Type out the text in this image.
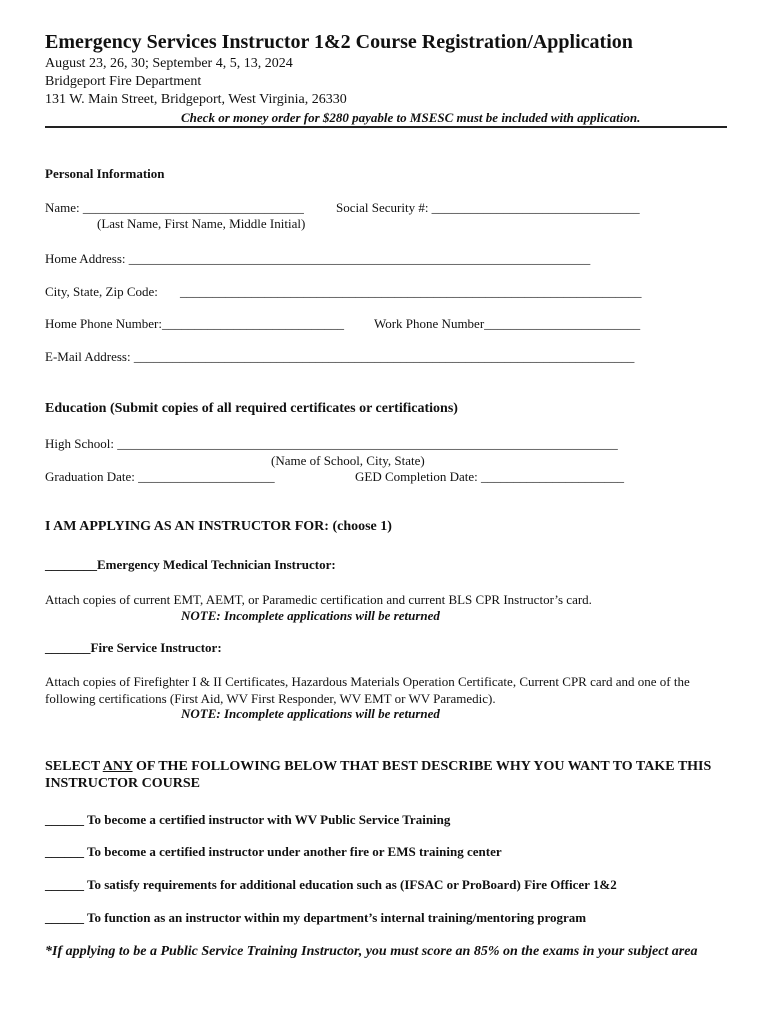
Emergency Services Instructor 1&2 Course Registration/Application
August 23, 26, 30; September 4, 5, 13, 2024
Bridgeport Fire Department
131 W. Main Street, Bridgeport, West Virginia, 26330
Check or money order for $280 payable to MSESC must be included with application.
Personal Information
Name: __________________________________ Social Security #: ________________________________
(Last Name, First Name, Middle Initial)
Home Address: _______________________________________________________________________
City, State, Zip Code: _______________________________________________________________________
Home Phone Number:____________________________ Work Phone Number________________________
E-Mail Address: _____________________________________________________________________________
Education (Submit copies of all required certificates or certifications)
High School: _____________________________________________________________________________
(Name of School, City, State)
Graduation Date: _____________________	GED Completion Date: ______________________
I AM APPLYING AS AN INSTRUCTOR FOR: (choose 1)
________Emergency Medical Technician Instructor:
Attach copies of current EMT, AEMT, or Paramedic certification and current BLS CPR Instructor’s card.
NOTE: Incomplete applications will be returned
_______Fire Service Instructor:
Attach copies of Firefighter I & II Certificates, Hazardous Materials Operation Certificate, Current CPR card and one of the following certifications (First Aid, WV First Responder, WV EMT or WV Paramedic).
NOTE: Incomplete applications will be returned
SELECT ANY OF THE FOLLOWING BELOW THAT BEST DESCRIBE WHY YOU WANT TO TAKE THIS INSTRUCTOR COURSE
______ To become a certified instructor with WV Public Service Training
______ To become a certified instructor under another fire or EMS training center
______ To satisfy requirements for additional education such as (IFSAC or ProBoard) Fire Officer 1&2
______ To function as an instructor within my department’s internal training/mentoring program
*If applying to be a Public Service Training Instructor, you must score an 85% on the exams in your subject area
